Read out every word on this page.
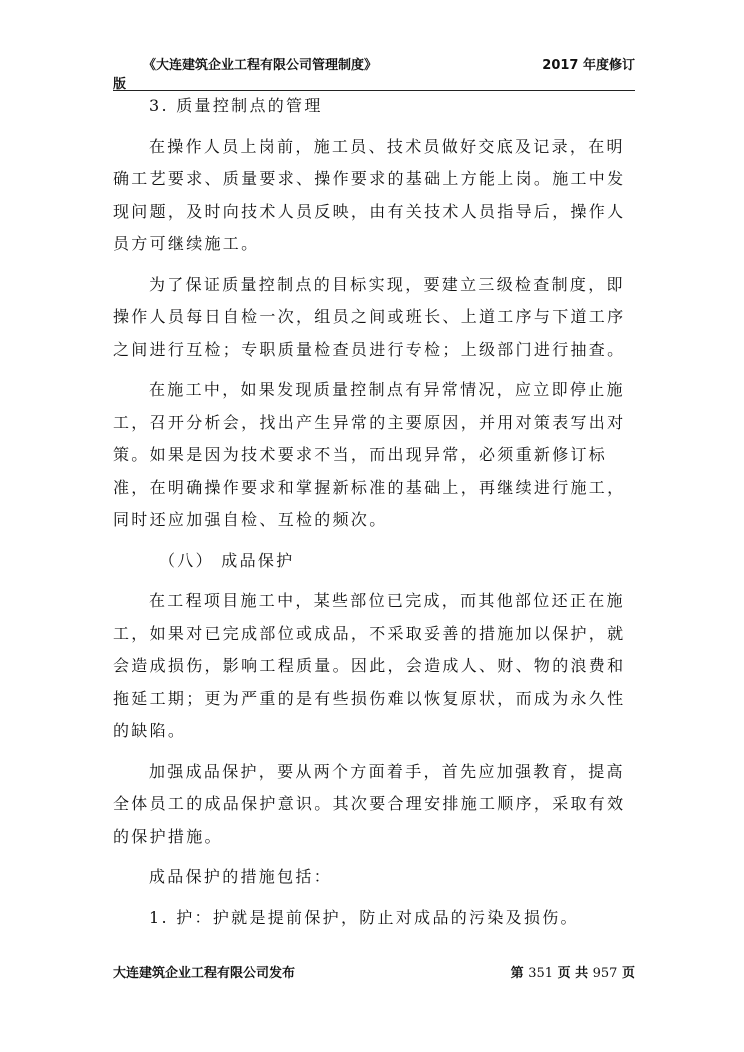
《大连建筑企业工程有限公司管理制度》	2017 年度修订
版

3. 质量控制点的管理

在操作人员上岗前，施工员、技术员做好交底及记录，在明确工艺要求、质量要求、操作要求的基础上方能上岗。施工中发现问题，及时向技术人员反映，由有关技术人员指导后，操作人员方可继续施工。

为了保证质量控制点的目标实现，要建立三级检查制度，即操作人员每日自检一次，组员之间或班长、上道工序与下道工序之间进行互检；专职质量检查员进行专检；上级部门进行抽查。

在施工中，如果发现质量控制点有异常情况，应立即停止施工，召开分析会，找出产生异常的主要原因，并用对策表写出对策。如果是因为技术要求不当，而出现异常，必须重新修订标准，在明确操作要求和掌握新标准的基础上，再继续进行施工，同时还应加强自检、互检的频次。

（八） 成品保护

在工程项目施工中，某些部位已完成，而其他部位还正在施工，如果对已完成部位或成品，不采取妥善的措施加以保护，就会造成损伤，影响工程质量。因此，会造成人、财、物的浪费和拖延工期；更为严重的是有些损伤难以恢复原状，而成为永久性的缺陷。

加强成品保护，要从两个方面着手，首先应加强教育，提高全体员工的成品保护意识。其次要合理安排施工顺序，采取有效的保护措施。

成品保护的措施包括：

1. 护：护就是提前保护，防止对成品的污染及损伤。

大连建筑企业工程有限公司发布	第 351 页 共 957 页
